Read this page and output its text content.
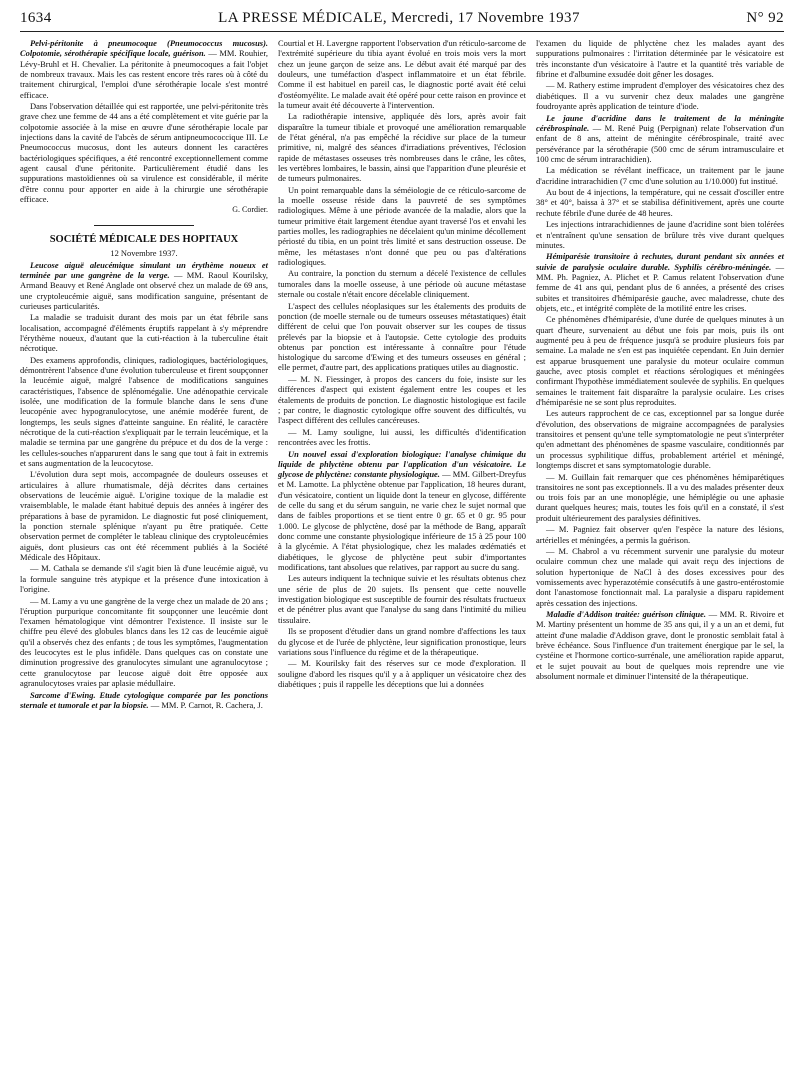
1634	LA PRESSE MÉDICALE, Mercredi, 17 Novembre 1937	N° 92

Pelvi-péritonite à pneumocoque (Pneumococcus mucosus). Colpotomie, sérothérapie spécifique locale, guérison. — MM. Rouhier, Lévy-Bruhl et H. Chevalier. La péritonite à pneumocoques a fait l'objet de nombreux travaux. Mais les cas restent encore très rares où à côté du traitement chirurgical, l'emploi d'une sérothérapie locale s'est montré efficace.

Dans l'observation détaillée qui est rapportée, une pelvi-péritonite très grave chez une femme de 44 ans a été complètement et vite guérie par la colpotomie associée à la mise en œuvre d'une sérothérapie locale par injections dans la cavité de l'abcès de sérum antipneumococcique III. Le Pneumococcus mucosus, dont les auteurs donnent les caractères bactériologiques spécifiques, a été rencontré exceptionnellement comme agent causal d'une péritonite. Particulièrement étudié dans les suppurations mastoïdiennes où sa virulence est considérable, il mérite d'être connu pour apporter en aide à la chirurgie une sérothérapie efficace.

G. Cordier.

SOCIÉTÉ MÉDICALE DES HOPITAUX

12 Novembre 1937.

Leucose aiguë aleucémique simulant un érythème noueux et terminée par une gangrène de la verge. — MM. Raoul Kourilsky, Armand Beauvy et René Anglade ont observé chez un malade de 69 ans, une cryptoleucémie aiguë, sans modification sanguine, présentant de curieuses particularités.

La maladie se traduisit durant des mois par un état fébrile sans localisation, accompagné d'éléments éruptifs rappelant à s'y méprendre l'érythème noueux, d'autant que la cuti-réaction à la tuberculine était nécrotique.

Des examens approfondis, cliniques, radiologiques, bactériologiques, démontrèrent l'absence d'une évolution tuberculeuse et firent soupçonner la leucémie aiguë, malgré l'absence de modifications sanguines caractéristiques, l'absence de splénomégalie. Une adénopathie cervicale isolée, une modification de la formule blanche dans le sens d'une leucopénie avec hypogranulocytose, une anémie modérée furent, de longtemps, les seuls signes d'atteinte sanguine. En réalité, le caractère nécrotique de la cuti-réaction s'expliquait par le terrain leucémique, et la maladie se termina par une gangrène du prépuce et du dos de la verge : les cellules-souches n'apparurent dans le sang que tout à fait in extremis et sans augmentation de la leucocytose.

L'évolution dura sept mois, accompagnée de douleurs osseuses et articulaires à allure rhumatismale, déjà décrites dans certaines observations de leucémie aiguë. L'origine toxique de la maladie est vraisemblable, le malade étant habitué depuis des années à ingérer des préparations à base de pyramidon. Le diagnostic fut posé cliniquement, la ponction sternale splénique n'ayant pu être pratiquée. Cette observation permet de compléter le tableau clinique des cryptoleucémies aiguës, dont plusieurs cas ont été récemment publiés à la Société Médicale des Hôpitaux.

— M. Cathala se demande s'il s'agit bien là d'une leucémie aiguë, vu la formule sanguine très atypique et la présence d'une intoxication à l'origine.

— M. Lamy a vu une gangrène de la verge chez un malade de 20 ans ; l'éruption purpurique concomitante fit soupçonner une leucémie dont l'examen hématologique vint démontrer l'existence. Il insiste sur le chiffre peu élevé des globules blancs dans les 12 cas de leucémie aiguë qu'il a observés chez des enfants ; de tous les symptômes, l'augmentation des leucocytes est le plus infidèle. Dans quelques cas on constate une diminution progressive des granulocytes simulant une agranulocytose ; cette granulocytose par leucose aiguë doit être opposée aux agranulocytoses vraies par aplasie médullaire.

Sarcome d'Ewing. Etude cytologique comparée par les ponctions sternale et tumorale et par la biopsie. — MM. P. Carnot, R. Cachera, J.

Courtial et H. Lavergne rapportent l'observation d'un réticulo-sarcome de l'extrémité supérieure du tibia ayant évolué en trois mois vers la mort chez un jeune garçon de seize ans. Le début avait été marqué par des douleurs, une tuméfaction d'aspect inflammatoire et un état fébrile. Comme il est habituel en pareil cas, le diagnostic porté avait été celui d'ostéomyélite. Le malade avait été opéré pour cette raison en province et la tumeur avait été découverte à l'intervention.

La radiothérapie intensive, appliquée dès lors, après avoir fait disparaître la tumeur tibiale et provoqué une amélioration remarquable de l'état général, n'a pas empêché la récidive sur place de la tumeur primitive, ni, malgré des séances d'irradiations préventives, l'éclosion rapide de métastases osseuses très nombreuses dans le crâne, les côtes, les vertèbres lombaires, le bassin, ainsi que l'apparition d'une pleurésie et de tumeurs pulmonaires.

Un point remarquable dans la séméiologie de ce réticulo-sarcome de la moelle osseuse réside dans la pauvreté de ses symptômes radiologiques. Même à une période avancée de la maladie, alors que la tumeur primitive était largement étendue ayant traversé l'os et envahi les parties molles, les radiographies ne décelaient qu'un minime décollement périosté du tibia, en un point très limité et sans destruction osseuse. De même, les métastases n'ont donné que peu ou pas d'altérations radiologiques.

Au contraire, la ponction du sternum a décelé l'existence de cellules tumorales dans la moelle osseuse, à une période où aucune métastase sternale ou costale n'était encore décelable cliniquement.

L'aspect des cellules néoplasiques sur les étalements des produits de ponction (de moelle sternale ou de tumeurs osseuses métastatiques) était différent de celui que l'on pouvait observer sur les coupes de tissus prélevés par la biopsie et à l'autopsie. Cette cytologie des produits obtenus par ponction est intéressante à connaître pour l'étude histologique du sarcome d'Ewing et des tumeurs osseuses en général ; elle permet, d'autre part, des applications pratiques utiles au diagnostic.

— M. N. Fiessinger, à propos des cancers du foie, insiste sur les différences d'aspect qui existent également entre les coupes et les étalements de produits de ponction. Le diagnostic histologique est facile ; par contre, le diagnostic cytologique offre souvent des difficultés, vu l'aspect différent des cellules cancéreuses.

— M. Lamy souligne, lui aussi, les difficultés d'identification rencontrées avec les frottis.

Un nouvel essai d'exploration biologique: l'analyse chimique du liquide de phlyctène obtenu par l'application d'un vésicatoire. Le glycose de phlyctène: constante physiologique. — MM. Gilbert-Dreyfus et M. Lamotte. La phlyctène obtenue par l'application, 18 heures durant, d'un vésicatoire, contient un liquide dont la teneur en glycose, différente de celle du sang et du sérum sanguin, ne varie chez le sujet normal que dans de faibles proportions et se tient entre 0 gr. 65 et 0 gr. 95 pour 1.000. Le glycose de phlyctène, dosé par la méthode de Bang, apparaît donc comme une constante physiologique inférieure de 15 à 25 pour 100 à la glycémie. A l'état physiologique, chez les malades œdématiés et diabétiques, le glycose de phlyctène peut subir d'importantes modifications, tant absolues que relatives, par rapport au sucre du sang.

Les auteurs indiquent la technique suivie et les résultats obtenus chez une série de plus de 20 sujets. Ils pensent que cette nouvelle investigation biologique est susceptible de fournir des résultats fructueux et de pénétrer plus avant que l'analyse du sang dans l'intimité du milieu tissulaire.

Ils se proposent d'étudier dans un grand nombre d'affections les taux du glycose et de l'urée de phlyctène, leur signification pronostique, leurs variations sous l'influence du régime et de la thérapeutique.

— M. Kourilsky fait des réserves sur ce mode d'exploration. Il souligne d'abord les risques qu'il y a à appliquer un vésicatoire chez des diabétiques ; puis il rappelle les déceptions que lui a données

l'examen du liquide de phlyctène chez les malades ayant des suppurations pulmonaires : l'irritation déterminée par le vésicatoire est très inconstante d'un vésicatoire à l'autre et la quantité très variable de fibrine et d'albumine exsudée doit gêner les dosages.

— M. Rathery estime imprudent d'employer des vésicatoires chez des diabétiques. Il a vu survenir chez deux malades une gangrène foudroyante après application de teinture d'iode.

Le jaune d'acridine dans le traitement de la méningite cérébrospinale. — M. René Puig (Perpignan) relate l'observation d'un enfant de 8 ans, atteint de méningite cérébrospinale, traité avec persévérance par la sérothérapie (500 cmc de sérum intramusculaire et 100 cmc de sérum intrarachidien).

La médication se révélant inefficace, un traitement par le jaune d'acridine intrarachidien (7 cmc d'une solution au 1/10.000) fut institué.

Au bout de 4 injections, la température, qui ne cessait d'osciller entre 38° et 40°, baissa à 37° et se stabilisa définitivement, après une courte rechute fébrile d'une durée de 48 heures.

Les injections intrarachidiennes de jaune d'acridine sont bien tolérées et n'entraînent qu'une sensation de brûlure très vive durant quelques minutes.

Hémiparésie transitoire à rechutes, durant pendant six années et suivie de paralysie oculaire durable. Syphilis cérébro-méningée. — MM. Ph. Pagniez, A. Plichet et P. Camus relatent l'observation d'une femme de 41 ans qui, pendant plus de 6 années, a présenté des crises subites et transitoires d'hémiparésie gauche, avec maladresse, chute des objets, etc., et intégrité complète de la motilité entre les crises.

Ce phénomènes d'hémiparésie, d'une durée de quelques minutes à un quart d'heure, survenaient au début une fois par mois, puis ils ont augmenté peu à peu de fréquence jusqu'à se produire plusieurs fois par semaine. La malade ne s'en est pas inquiétée cependant. En Juin dernier est apparue brusquement une paralysie du moteur oculaire commun gauche, avec ptosis complet et réactions sérologiques et méningées confirmant l'hypothèse immédiatement soulevée de syphilis. En quelques semaines le traitement fait disparaître la paralysie oculaire. Les crises d'hémiparésie ne se sont plus reproduites.

Les auteurs rapprochent de ce cas, exceptionnel par sa longue durée d'évolution, des observations de migraine accompagnées de paralysies transitoires et pensent qu'une telle symptomatologie ne peut s'interpréter qu'en admettant des phénomènes de spasme vasculaire, conditionnés par un processus syphilitique diffus, probablement artériel et méningé, longtemps discret et sans symptomatologie durable.

— M. Guillain fait remarquer que ces phénomènes hémiparétiques transitoires ne sont pas exceptionnels. Il a vu des malades présenter deux ou trois fois par an une monoplégie, une hémiplégie ou une aphasie durant quelques heures; mais, toutes les fois qu'il en a constaté, il s'est produit ultérieurement des paralysies définitives.

— M. Pagniez fait observer qu'en l'espèce la nature des lésions, artérielles et méningées, a permis la guérison.

— M. Chabrol a vu récemment survenir une paralysie du moteur oculaire commun chez une malade qui avait reçu des injections de solution hypertonique de NaCl à des doses excessives pour des vomissements avec hyperazotémie consécutifs à une gastro-entérostomie dont l'anastomose fonctionnait mal. La paralysie a disparu rapidement après cessation des injections.

Maladie d'Addison traitée: guérison clinique. — MM. R. Rivoire et M. Martiny présentent un homme de 35 ans qui, il y a un an et demi, fut atteint d'une maladie d'Addison grave, dont le pronostic semblait fatal à brève échéance. Sous l'influence d'un traitement énergique par le sel, la cystéine et l'hormone cortico-surrénale, une amélioration rapide apparut, et le sujet pouvait au bout de quelques mois reprendre une vie absolument normale et diminuer l'intensité de la thérapeutique.
